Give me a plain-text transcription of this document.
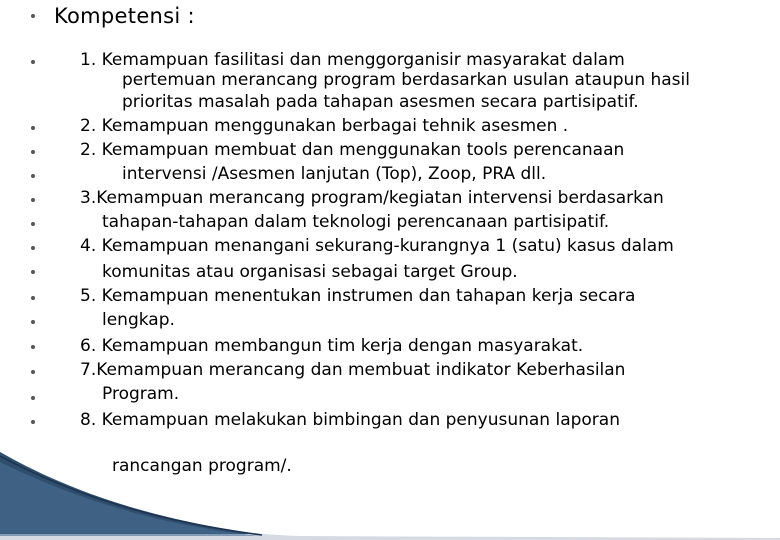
Kompetensi :
1. Kemampuan fasilitasi dan menggorganisir masyarakat dalam
pertemuan merancang program berdasarkan usulan ataupun hasil
prioritas masalah pada tahapan asesmen secara partisipatif.
2. Kemampuan menggunakan berbagai tehnik asesmen .
2. Kemampuan membuat dan menggunakan tools perencanaan
intervensi /Asesmen lanjutan (Top), Zoop, PRA dll.
3.Kemampuan merancang program/kegiatan intervensi berdasarkan
tahapan-tahapan dalam teknologi perencanaan partisipatif.
4. Kemampuan menangani sekurang-kurangnya 1 (satu) kasus dalam
komunitas atau organisasi sebagai target Group.
5. Kemampuan menentukan instrumen dan tahapan kerja secara
lengkap.
6. Kemampuan membangun tim kerja dengan masyarakat.
7.Kemampuan merancang dan membuat indikator Keberhasilan
Program.
8. Kemampuan melakukan bimbingan dan penyusunan laporan
rancangan program/.
